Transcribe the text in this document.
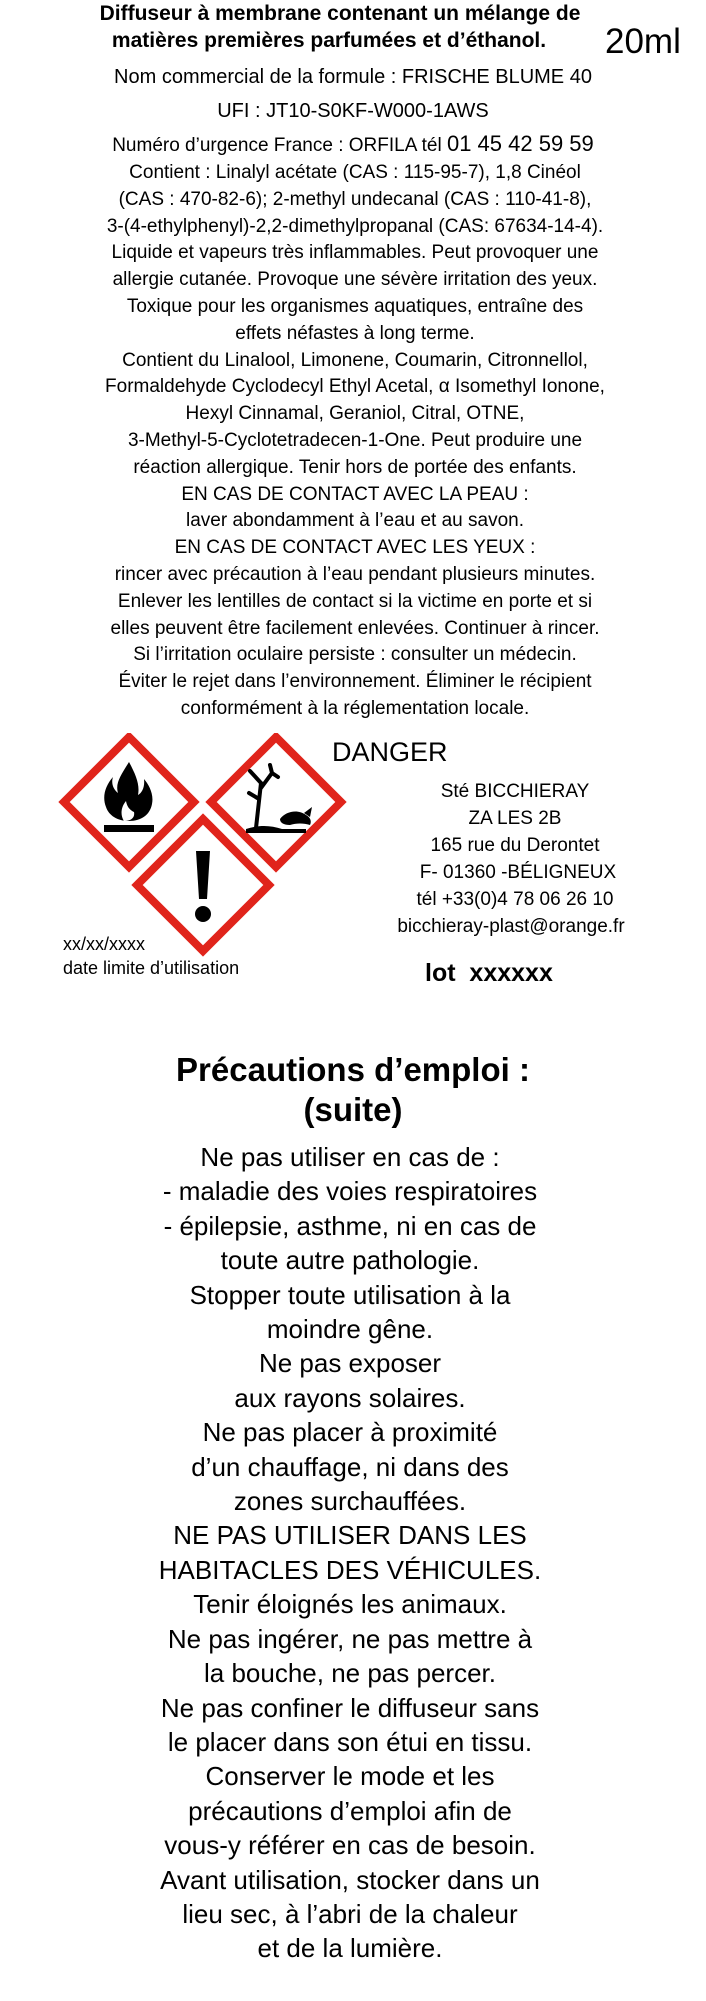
Diffuseur à membrane contenant un mélange de
matières premières parfumées et d’éthanol.	20ml
Nom commercial de la formule : FRISCHE BLUME 40
UFI : JT10-S0KF-W000-1AWS
Numéro d’urgence France : ORFILA tél 01 45 42 59 59
Contient : Linalyl acétate (CAS : 115-95-7), 1,8 Cinéol
(CAS : 470-82-6); 2-methyl undecanal (CAS : 110-41-8),
3-(4-ethylphenyl)-2,2-dimethylpropanal (CAS: 67634-14-4).
Liquide et vapeurs très inflammables. Peut provoquer une
allergie cutanée. Provoque une sévère irritation des yeux.
Toxique pour les organismes aquatiques, entraîne des
effets néfastes à long terme.
Contient du Linalool, Limonene, Coumarin, Citronnellol,
Formaldehyde Cyclodecyl Ethyl Acetal, α Isomethyl Ionone,
Hexyl Cinnamal, Geraniol, Citral, OTNE,
3-Methyl-5-Cyclotetradecen-1-One. Peut produire une
réaction allergique. Tenir hors de portée des enfants.
EN CAS DE CONTACT AVEC LA PEAU :
laver abondamment à l’eau et au savon.
EN CAS DE CONTACT AVEC LES YEUX :
rincer avec précaution à l’eau pendant plusieurs minutes.
Enlever les lentilles de contact si la victime en porte et si
elles peuvent être facilement enlevées. Continuer à rincer.
Si l’irritation oculaire persiste : consulter un médecin.
Éviter le rejet dans l’environnement. Éliminer le récipient
conformément à la réglementation locale.
DANGER
Sté BICCHIERAY
ZA LES 2B
165 rue du Derontet
F- 01360 -BÉLIGNEUX
tél +33(0)4 78 06 26 10
bicchieray-plast@orange.fr
xx/xx/xxxx
date limite d’utilisation	lot  xxxxxx
Précautions d’emploi :
(suite)
Ne pas utiliser en cas de :
- maladie des voies respiratoires
- épilepsie, asthme, ni en cas de
toute autre pathologie.
Stopper toute utilisation à la
moindre gêne.
Ne pas exposer
aux rayons solaires.
Ne pas placer à proximité
d’un chauffage, ni dans des
zones surchauffées.
NE PAS UTILISER DANS LES
HABITACLES DES VÉHICULES.
Tenir éloignés les animaux.
Ne pas ingérer, ne pas mettre à
la bouche, ne pas percer.
Ne pas confiner le diffuseur sans
le placer dans son étui en tissu.
Conserver le mode et les
précautions d’emploi afin de
vous-y référer en cas de besoin.
Avant utilisation, stocker dans un
lieu sec, à l’abri de la chaleur
et de la lumière.
